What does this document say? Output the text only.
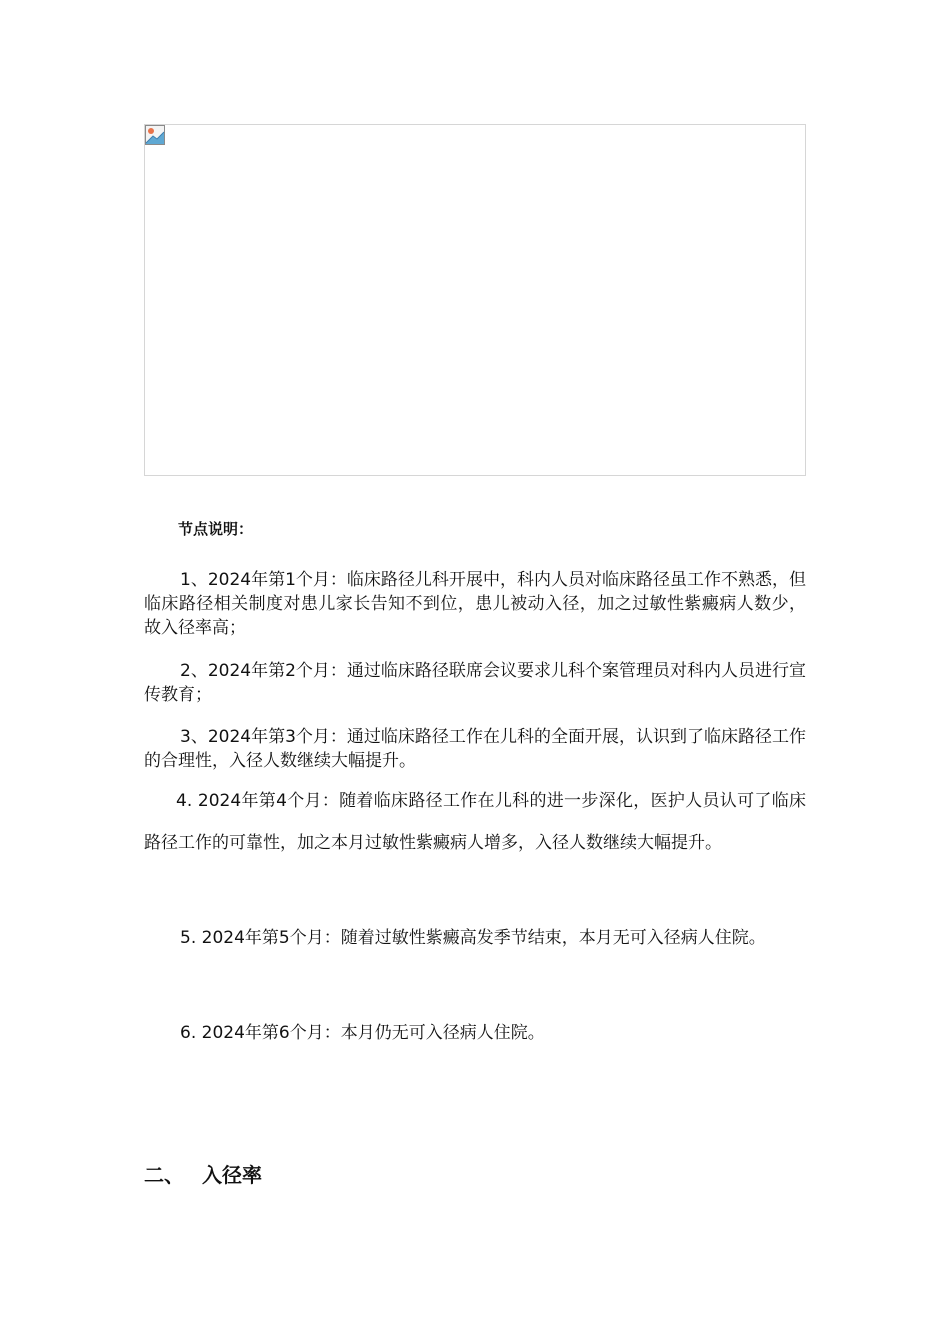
节点说明：

1、2024年第1个月：临床路径儿科开展中，科内人员对临床路径虽工作不熟悉，但临床路径相关制度对患儿家长告知不到位，患儿被动入径，加之过敏性紫癜病人数少，故入径率高；

2、2024年第2个月：通过临床路径联席会议要求儿科个案管理员对科内人员进行宣传教育；

3、2024年第3个月：通过临床路径工作在儿科的全面开展，认识到了临床路径工作的合理性，入径人数继续大幅提升。

4. 2024年第4个月：随着临床路径工作在儿科的进一步深化，医护人员认可了临床路径工作的可靠性，加之本月过敏性紫癜病人增多，入径人数继续大幅提升。

5. 2024年第5个月：随着过敏性紫癜高发季节结束，本月无可入径病人住院。

6. 2024年第6个月：本月仍无可入径病人住院。

二、 入径率
